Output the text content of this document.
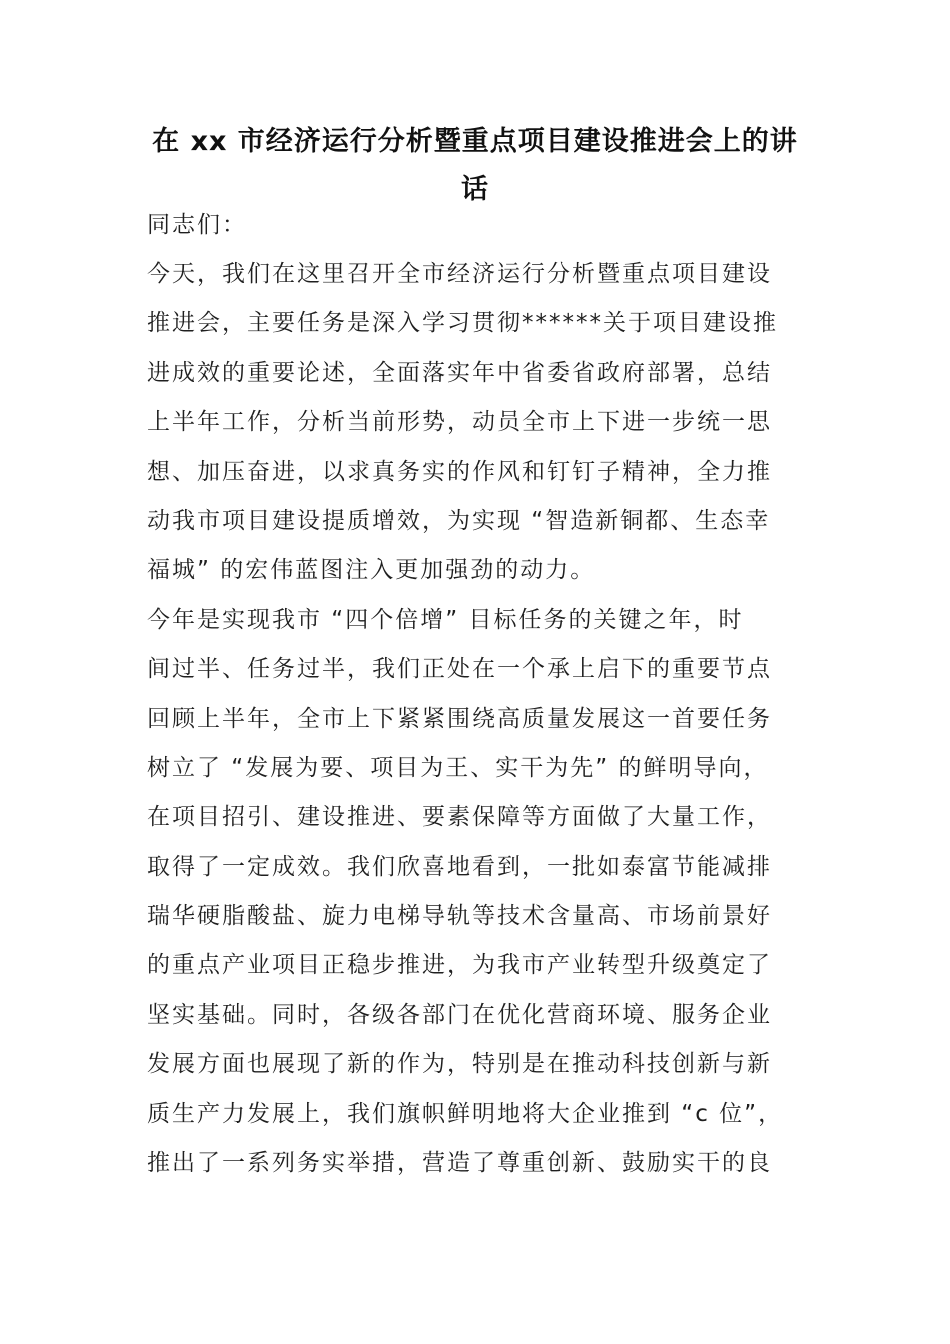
在 xx 市经济运行分析暨重点项目建设推进会上的讲
话
同志们：
今天，我们在这里召开全市经济运行分析暨重点项目建设
推进会，主要任务是深入学习贯彻******关于项目建设推
进成效的重要论述，全面落实年中省委省政府部署，总结
上半年工作，分析当前形势，动员全市上下进一步统一思
想、加压奋进，以求真务实的作风和钉钉子精神，全力推
动我市项目建设提质增效，为实现 “智造新铜都、生态幸
福城” 的宏伟蓝图注入更加强劲的动力。
今年是实现我市 “四个倍增” 目标任务的关键之年，时
间过半、任务过半，我们正处在一个承上启下的重要节点
回顾上半年，全市上下紧紧围绕高质量发展这一首要任务
树立了 “发展为要、项目为王、实干为先” 的鲜明导向，
在项目招引、建设推进、要素保障等方面做了大量工作，
取得了一定成效。我们欣喜地看到，一批如泰富节能减排
瑞华硬脂酸盐、旋力电梯导轨等技术含量高、市场前景好
的重点产业项目正稳步推进，为我市产业转型升级奠定了
坚实基础。同时，各级各部门在优化营商环境、服务企业
发展方面也展现了新的作为，特别是在推动科技创新与新
质生产力发展上，我们旗帜鲜明地将大企业推到 “c 位”，
推出了一系列务实举措，营造了尊重创新、鼓励实干的良
